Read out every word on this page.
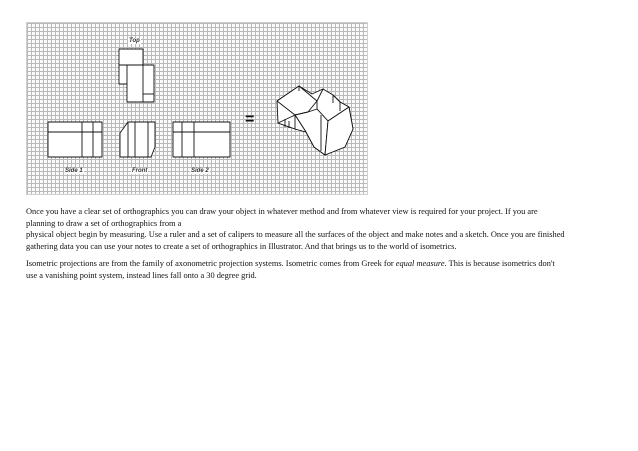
Top
Side 1	Front	Side 2
=

Once you have a clear set of orthographics you can draw your object in whatever method and from whatever view is required for your project. If you are
planning to draw a set of orthographics from a
physical object begin by measuring. Use a ruler and a set of calipers to measure all the surfaces of the object and make notes and a sketch. Once you are finished
gathering data you can use your notes to create a set of orthographics in Illustrator. And that brings us to the world of isometrics.

Isometric projections are from the family of axonometric projection systems. Isometric comes from Greek for equal measure. This is because isometrics don't
use a vanishing point system, instead lines fall onto a 30 degree grid.
